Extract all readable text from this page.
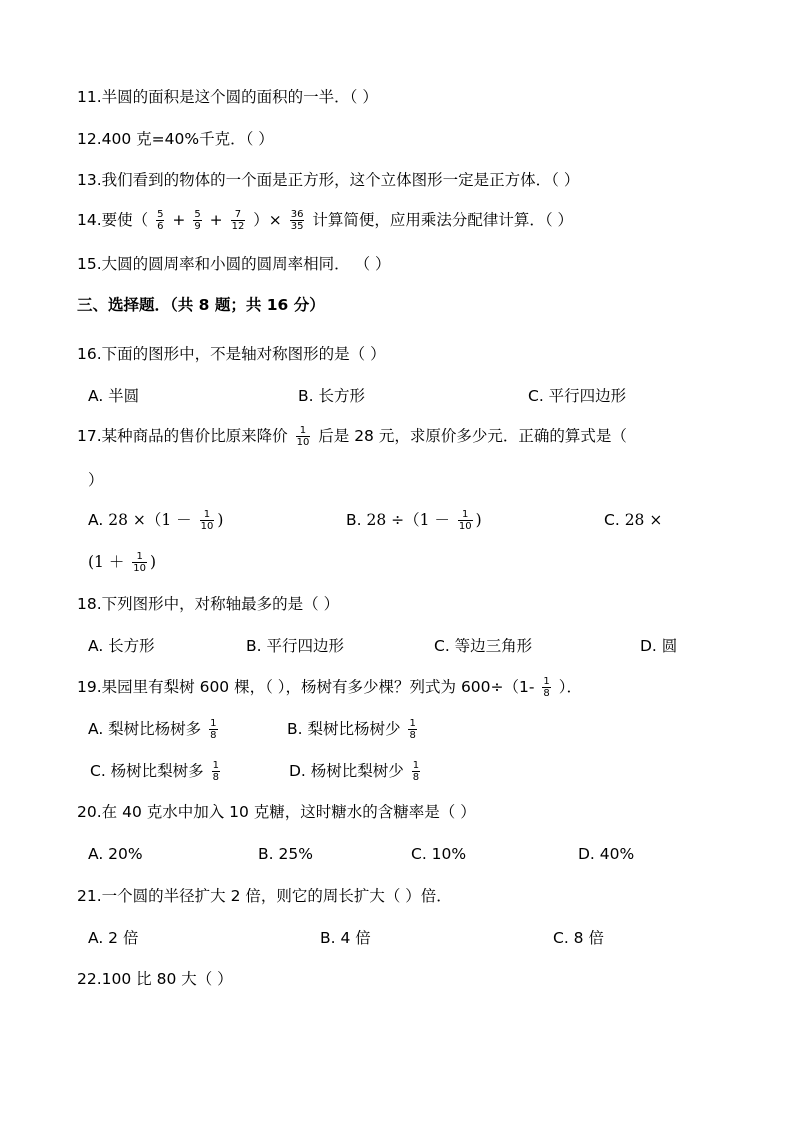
11.半圆的面积是这个圆的面积的一半．（ ）
12.400 克=40%千克．（ ）
13.我们看到的物体的一个面是正方形，这个立体图形一定是正方体．（ ）
14.要使（ $\frac{5}{6} + \frac{5}{9} + \frac{7}{12}$ ）× $\frac{36}{35}$ 计算简便，应用乘法分配律计算．（ ）
15.大圆的圆周率和小圆的圆周率相同． （ ）
三、选择题．（共 8 题；共 16 分）
16.下面的图形中，不是轴对称图形的是（ ）
A. 半圆	B. 长方形	C. 平行四边形
17.某种商品的售价比原来降价 $\frac{1}{10}$ 后是 28 元，求原价多少元．正确的算式是（
）
A. $28 \times(1 - \frac{1}{10}$ )	B. $28 \div(1 - \frac{1}{10}$ )	C. 28 ×
($1 + \frac{1}{10}$ )
18.下列图形中，对称轴最多的是（ ）
A. 长方形	B. 平行四边形	C. 等边三角形	D. 圆
19.果园里有梨树 600 棵，（ ），杨树有多少棵？列式为 $600\div(1- \frac{1}{8}$ ）．
A. 梨树比杨树多 $\frac{1}{8}$	B. 梨树比杨树少 $\frac{1}{8}$
C. 杨树比梨树多 $\frac{1}{8}$	D. 杨树比梨树少 $\frac{1}{8}$
20.在 40 克水中加入 10 克糖，这时糖水的含糖率是（ ）
A. 20%	B. 25%	C. 10%	D. 40%
21.一个圆的半径扩大 2 倍，则它的周长扩大（ ）倍．
A. 2 倍	B. 4 倍	C. 8 倍
22.100 比 80 大（ ）
